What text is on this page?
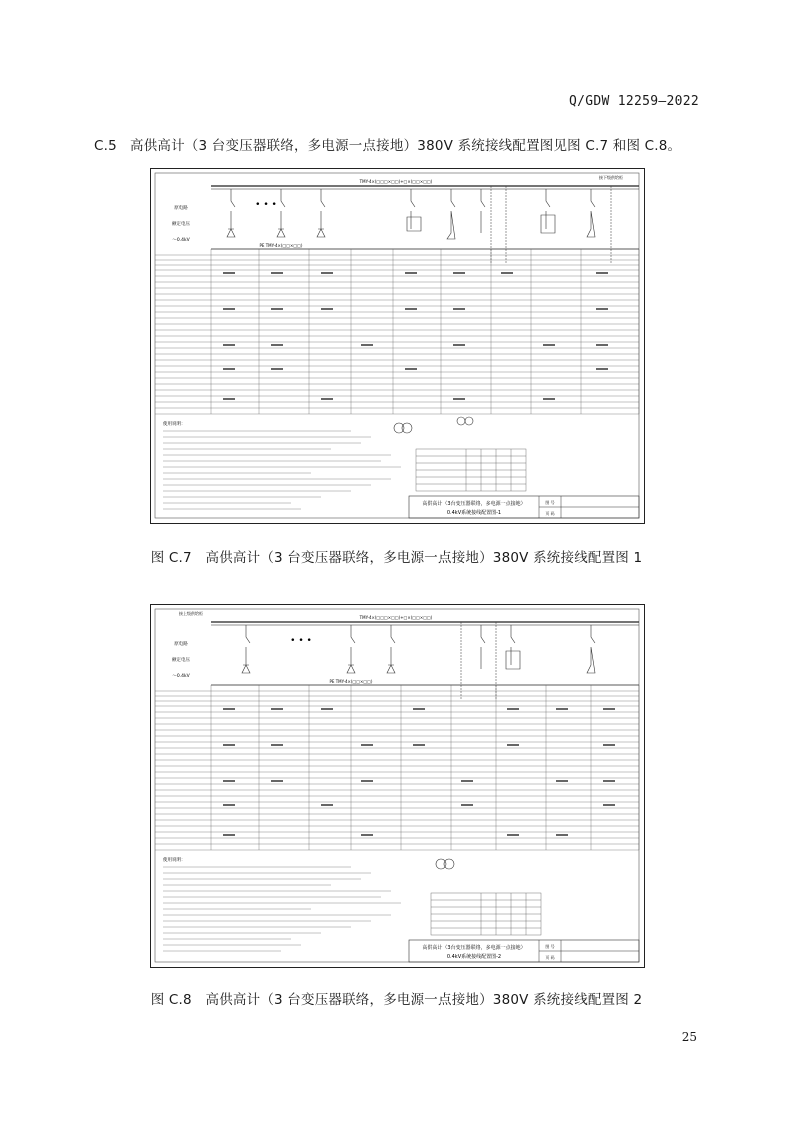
Q/GDW 12259—2022
C.5 高供高计（3 台变压器联络，多电源一点接地）380V 系统接线配置图见图 C.7 和图 C.8。
TMY-4×(□□□×□□)+□×(□□×□□)
接下级供给柜
原电路
额定电压
～0.4kV
• • •
PE TMY-4×(□□×□□)
使用说明：
高供高计（3台变压器联络，多电源一点接地）
0.4kV系统接线配置图-1
图 号
页 码
图 C.7　高供高计（3 台变压器联络，多电源一点接地）380V 系统接线配置图 1
接上级供给柜
TMY-4×(□□□×□□)+□×(□□×□□)
原电路
额定电压
～0.4kV
• • •
PE TMY-4×(□□×□□)
使用说明：
高供高计（3台变压器联络，多电源一点接地）
0.4kV系统接线配置图-2
图 号
页 码
图 C.8　高供高计（3 台变压器联络，多电源一点接地）380V 系统接线配置图 2
25
